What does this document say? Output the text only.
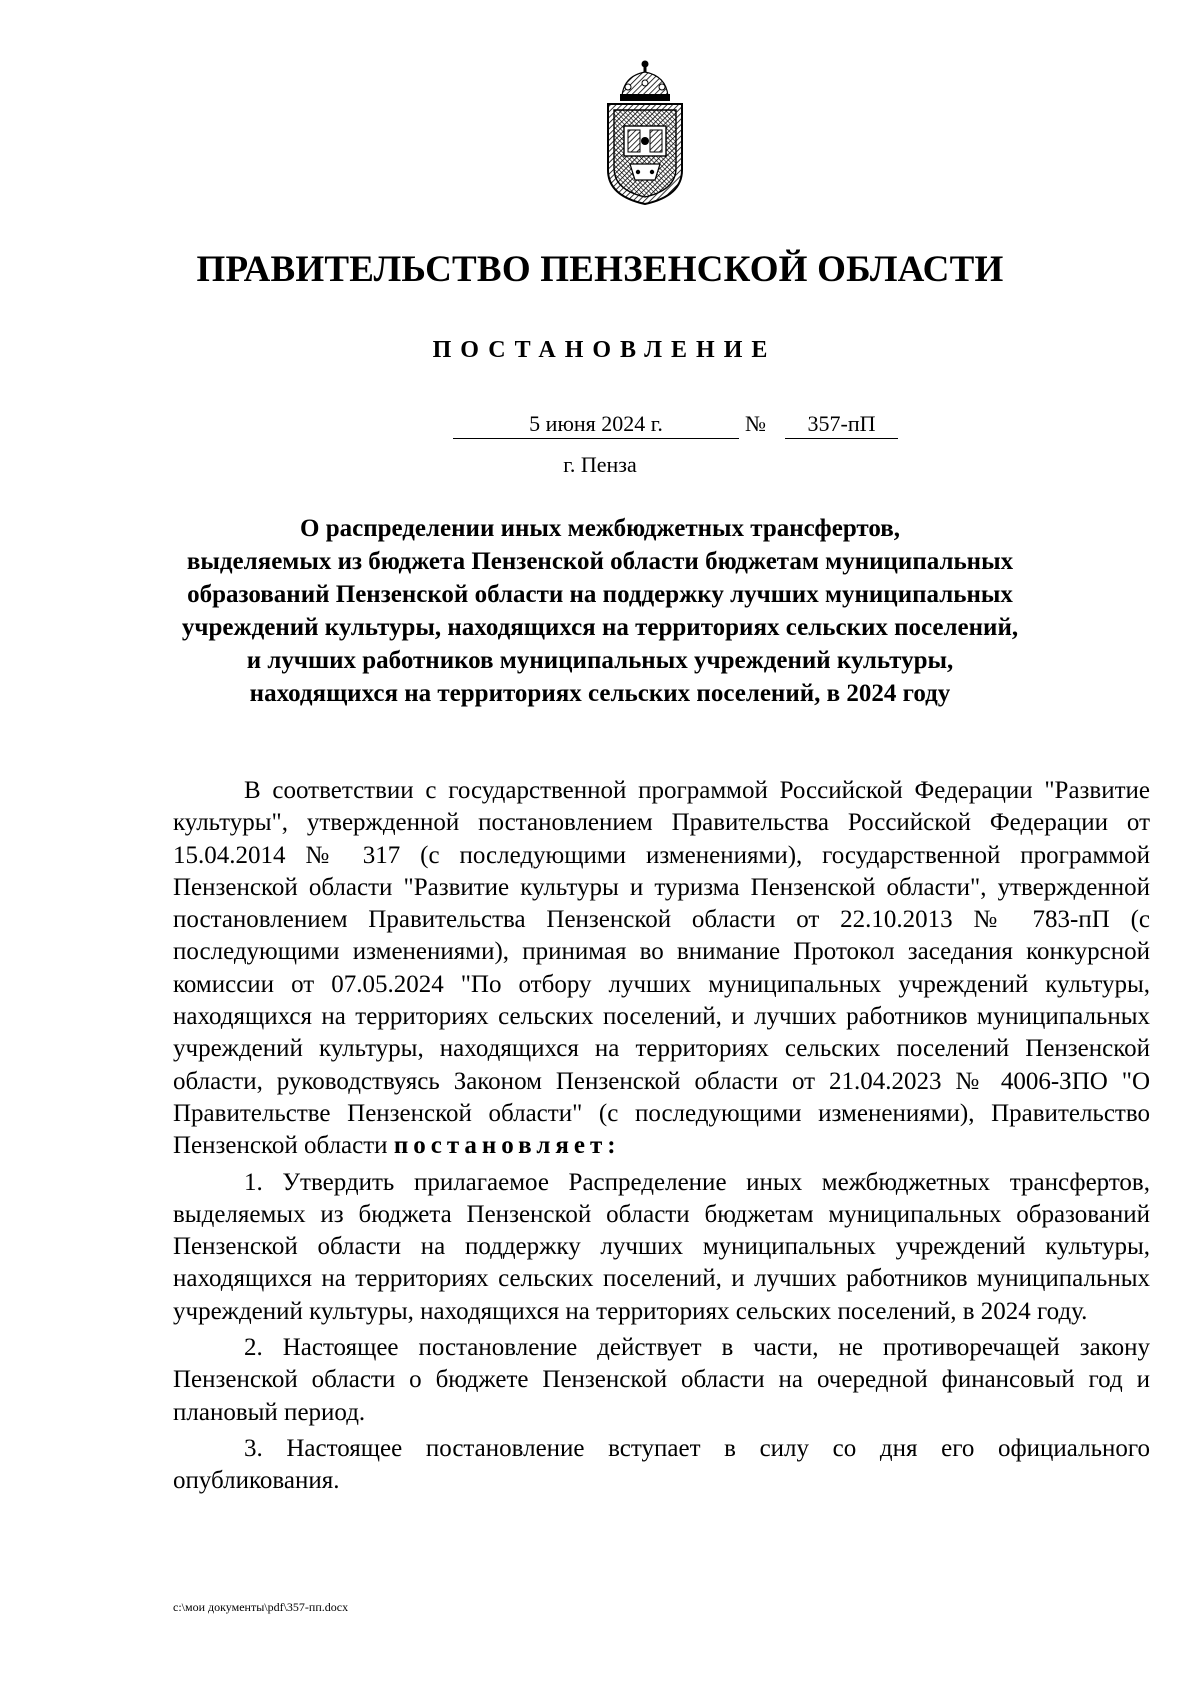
ПРАВИТЕЛЬСТВО ПЕНЗЕНСКОЙ ОБЛАСТИ
ПОСТАНОВЛЕНИЕ
5 июня 2024 г.	№	357-пП
г. Пенза
О распределении иных межбюджетных трансфертов,
выделяемых из бюджета Пензенской области бюджетам муниципальных
образований Пензенской области на поддержку лучших муниципальных
учреждений культуры, находящихся на территориях сельских поселений,
и лучших работников муниципальных учреждений культуры,
находящихся на территориях сельских поселений, в 2024 году

В соответствии с государственной программой Российской Федерации "Развитие культуры", утвержденной постановлением Правительства Российской Федерации от 15.04.2014 № 317 (с последующими изменениями), государственной программой Пензенской области "Развитие культуры и туризма Пензенской области", утвержденной постановлением Правительства Пензенской области от 22.10.2013 № 783-пП (с последующими изменениями), принимая во внимание Протокол заседания конкурсной комиссии от 07.05.2024 "По отбору лучших муниципальных учреждений культуры, находящихся на территориях сельских поселений, и лучших работников муниципальных учреждений культуры, находящихся на территориях сельских поселений Пензенской области, руководствуясь Законом Пензенской области от 21.04.2023 № 4006-ЗПО "О Правительстве Пензенской области" (с последующими изменениями), Правительство Пензенской области постановляет:

1. Утвердить прилагаемое Распределение иных межбюджетных трансфертов, выделяемых из бюджета Пензенской области бюджетам муниципальных образований Пензенской области на поддержку лучших муниципальных учреждений культуры, находящихся на территориях сельских поселений, и лучших работников муниципальных учреждений культуры, находящихся на территориях сельских поселений, в 2024 году.

2. Настоящее постановление действует в части, не противоречащей закону Пензенской области о бюджете Пензенской области на очередной финансовый год и плановый период.

3. Настоящее постановление вступает в силу со дня его официального опубликования.

c:\мои документы\pdf\357-пп.docx
